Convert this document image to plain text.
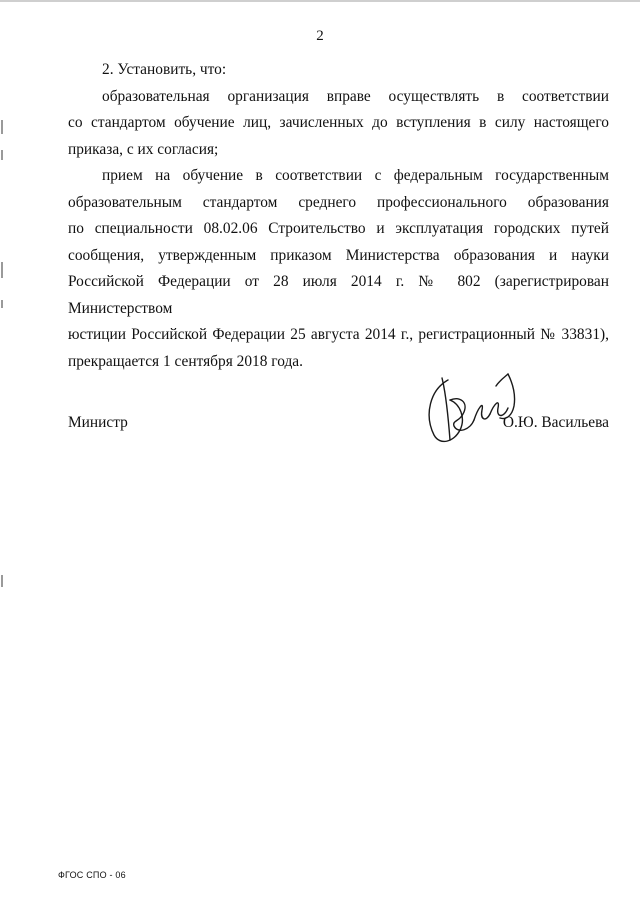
2

2. Установить, что:

образовательная организация вправе осуществлять в соответствии
со стандартом обучение лиц, зачисленных до вступления в силу настоящего
приказа, с их согласия;

прием на обучение в соответствии с федеральным государственным
образовательным стандартом среднего профессионального образования
по специальности 08.02.06 Строительство и эксплуатация городских путей
сообщения, утвержденным приказом Министерства образования и науки
Российской Федерации от 28 июля 2014 г. № 802 (зарегистрирован Министерством
юстиции Российской Федерации 25 августа 2014 г., регистрационный № 33831),
прекращается 1 сентября 2018 года.

Министр	О.Ю. Васильева
ФГОС СПО - 06
